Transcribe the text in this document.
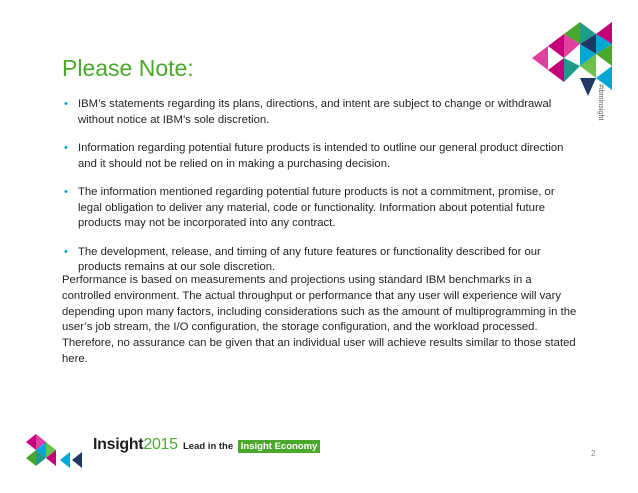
Please Note:
#ibminsight
• IBM’s statements regarding its plans, directions, and intent are subject to change or withdrawal without notice at IBM’s sole discretion.
• Information regarding potential future products is intended to outline our general product direction and it should not be relied on in making a purchasing decision.
• The information mentioned regarding potential future products is not a commitment, promise, or legal obligation to deliver any material, code or functionality. Information about potential future products may not be incorporated into any contract.
• The development, release, and timing of any future features or functionality described for our products remains at our sole discretion.

Performance is based on measurements and projections using standard IBM benchmarks in a controlled environment. The actual throughput or performance that any user will experience will vary depending upon many factors, including considerations such as the amount of multiprogramming in the user’s job stream, the I/O configuration, the storage configuration, and the workload processed. Therefore, no assurance can be given that an individual user will achieve results similar to those stated here.

Insight2015 Lead in the Insight Economy
2
